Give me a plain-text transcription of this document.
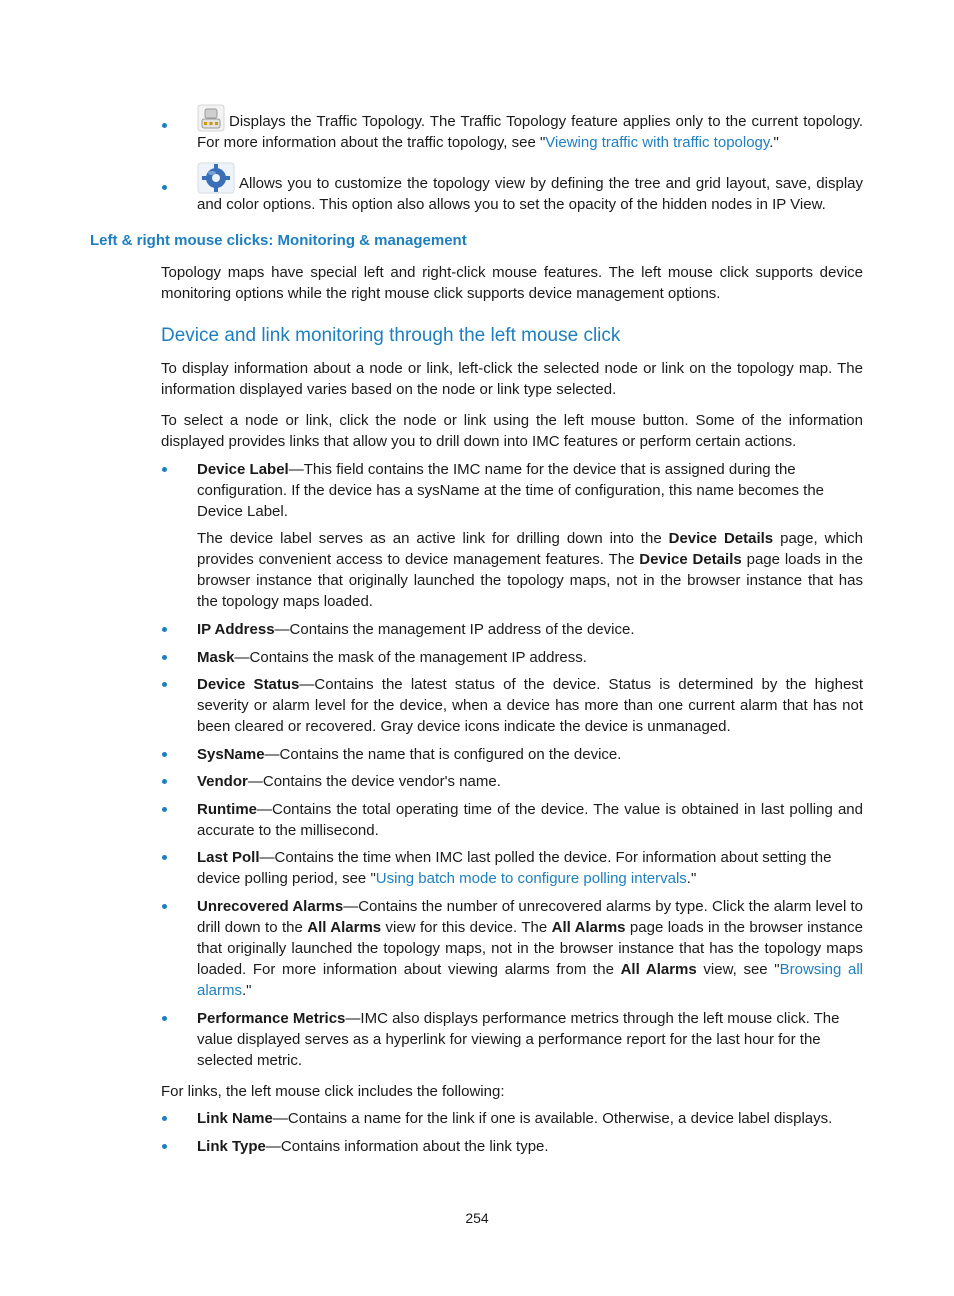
Displays the Traffic Topology. The Traffic Topology feature applies only to the current topology. For more information about the traffic topology, see "Viewing traffic with traffic topology."
Allows you to customize the topology view by defining the tree and grid layout, save, display and color options. This option also allows you to set the opacity of the hidden nodes in IP View.
Left & right mouse clicks: Monitoring & management
Topology maps have special left and right-click mouse features. The left mouse click supports device monitoring options while the right mouse click supports device management options.
Device and link monitoring through the left mouse click
To display information about a node or link, left-click the selected node or link on the topology map. The information displayed varies based on the node or link type selected.
To select a node or link, click the node or link using the left mouse button. Some of the information displayed provides links that allow you to drill down into IMC features or perform certain actions.
Device Label—This field contains the IMC name for the device that is assigned during the configuration. If the device has a sysName at the time of configuration, this name becomes the Device Label.
The device label serves as an active link for drilling down into the Device Details page, which provides convenient access to device management features. The Device Details page loads in the browser instance that originally launched the topology maps, not in the browser instance that has the topology maps loaded.
IP Address—Contains the management IP address of the device.
Mask—Contains the mask of the management IP address.
Device Status—Contains the latest status of the device. Status is determined by the highest severity or alarm level for the device, when a device has more than one current alarm that has not been cleared or recovered. Gray device icons indicate the device is unmanaged.
SysName—Contains the name that is configured on the device.
Vendor—Contains the device vendor's name.
Runtime—Contains the total operating time of the device. The value is obtained in last polling and accurate to the millisecond.
Last Poll—Contains the time when IMC last polled the device. For information about setting the device polling period, see "Using batch mode to configure polling intervals."
Unrecovered Alarms—Contains the number of unrecovered alarms by type. Click the alarm level to drill down to the All Alarms view for this device. The All Alarms page loads in the browser instance that originally launched the topology maps, not in the browser instance that has the topology maps loaded. For more information about viewing alarms from the All Alarms view, see "Browsing all alarms."
Performance Metrics—IMC also displays performance metrics through the left mouse click. The value displayed serves as a hyperlink for viewing a performance report for the last hour for the selected metric.
For links, the left mouse click includes the following:
Link Name—Contains a name for the link if one is available. Otherwise, a device label displays.
Link Type—Contains information about the link type.
254
